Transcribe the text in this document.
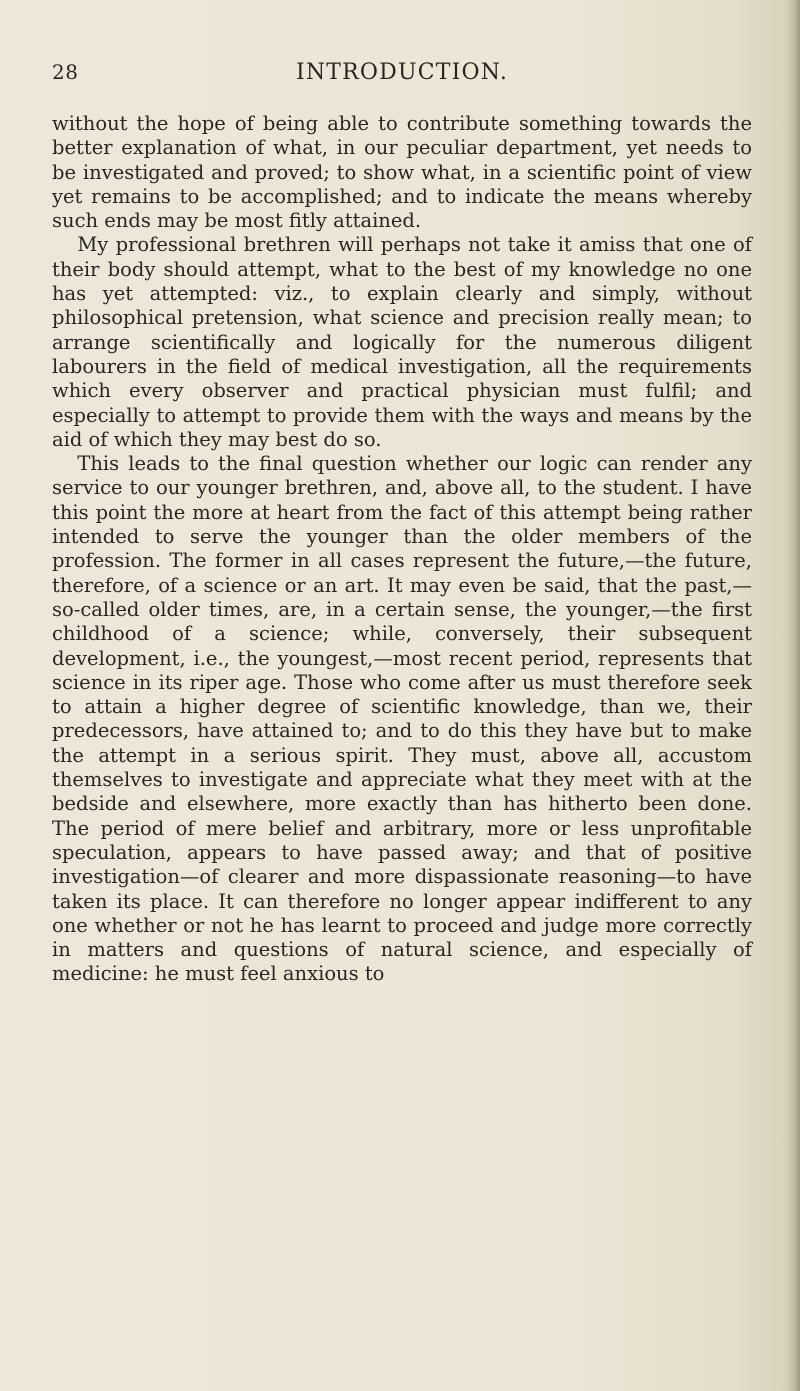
28	INTRODUCTION.

without the hope of being able to contribute something towards the better explanation of what, in our peculiar department, yet needs to be investigated and proved; to show what, in a scientific point of view yet remains to be accomplished; and to indicate the means whereby such ends may be most fitly attained.

My professional brethren will perhaps not take it amiss that one of their body should attempt, what to the best of my knowledge no one has yet attempted: viz., to explain clearly and simply, without philosophical pretension, what science and precision really mean; to arrange scientifically and logically for the numerous diligent labourers in the field of medical investigation, all the requirements which every observer and practical physician must fulfil; and especially to attempt to provide them with the ways and means by the aid of which they may best do so.

This leads to the final question whether our logic can render any service to our younger brethren, and, above all, to the student. I have this point the more at heart from the fact of this attempt being rather intended to serve the younger than the older members of the profession. The former in all cases represent the future,—the future, therefore, of a science or an art. It may even be said, that the past,—so-called older times, are, in a certain sense, the younger,—the first childhood of a science; while, conversely, their subsequent development, i.e., the youngest,—most recent period, represents that science in its riper age. Those who come after us must therefore seek to attain a higher degree of scientific knowledge, than we, their predecessors, have attained to; and to do this they have but to make the attempt in a serious spirit. They must, above all, accustom themselves to investigate and appreciate what they meet with at the bedside and elsewhere, more exactly than has hitherto been done. The period of mere belief and arbitrary, more or less unprofitable speculation, appears to have passed away; and that of positive investigation—of clearer and more dispassionate reasoning—to have taken its place. It can therefore no longer appear indifferent to any one whether or not he has learnt to proceed and judge more correctly in matters and questions of natural science, and especially of medicine: he must feel anxious to
